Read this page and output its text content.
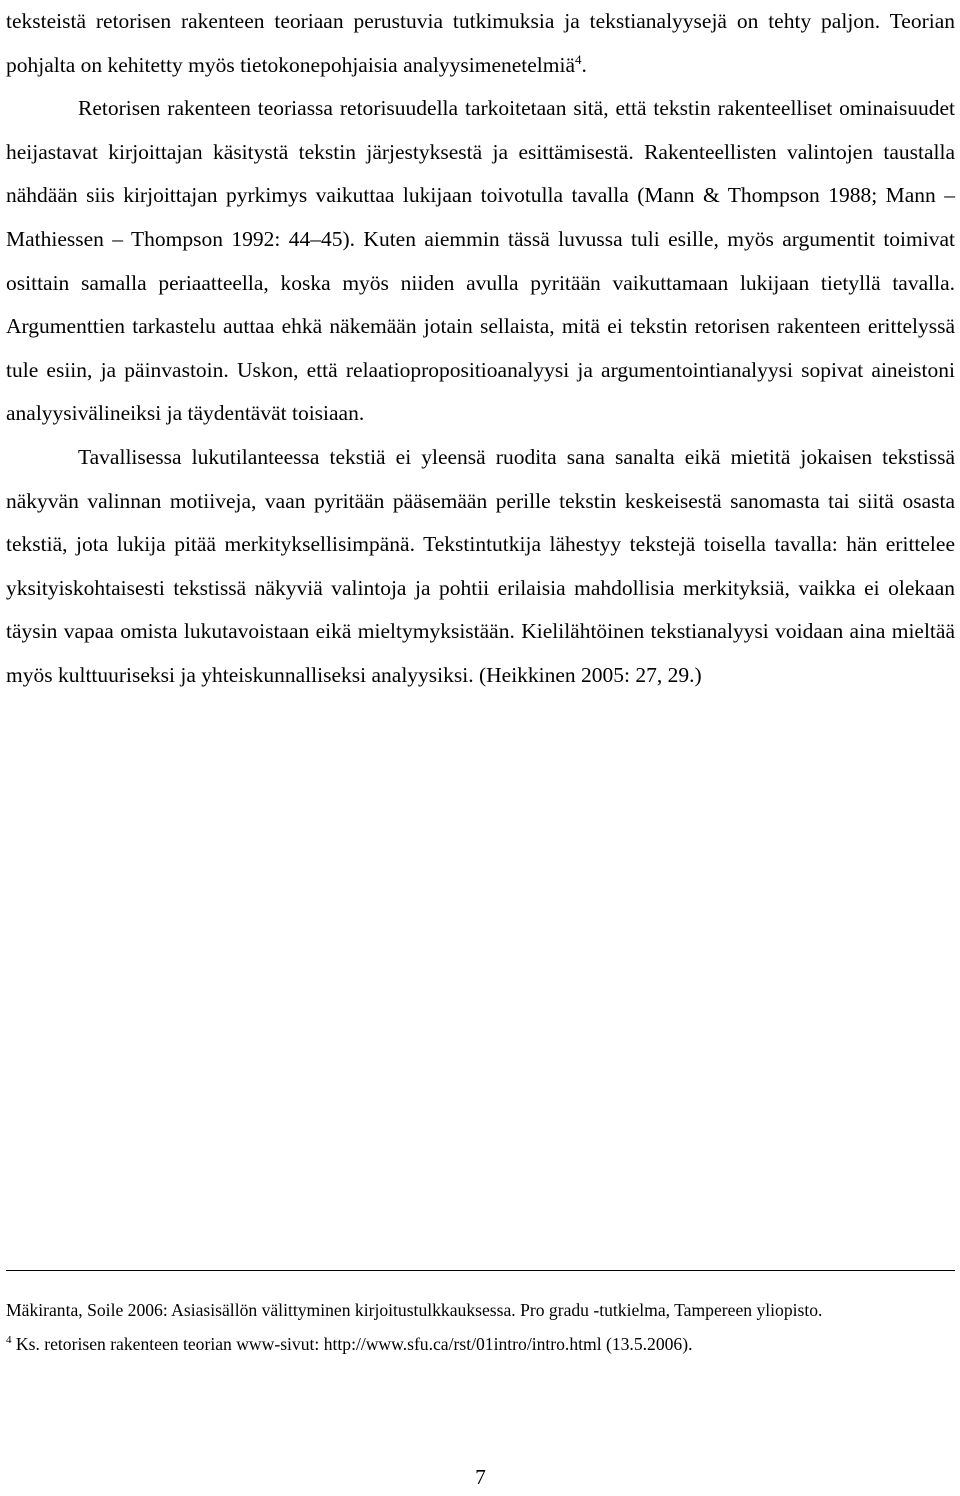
teksteistä retorisen rakenteen teoriaan perustuvia tutkimuksia ja tekstianalyysejä on tehty paljon. Teorian pohjalta on kehitetty myös tietokonepohjaisia analyysimenetelmiä$^4$.

Retorisen rakenteen teoriassa retorisuudella tarkoitetaan sitä, että tekstin rakenteelliset ominaisuudet heijastavat kirjoittajan käsitystä tekstin järjestyksestä ja esittämisestä. Rakenteellisten valintojen taustalla nähdään siis kirjoittajan pyrkimys vaikuttaa lukijaan toivotulla tavalla (Mann & Thompson 1988; Mann – Mathiessen – Thompson 1992: 44–45). Kuten aiemmin tässä luvussa tuli esille, myös argumentit toimivat osittain samalla periaatteella, koska myös niiden avulla pyritään vaikuttamaan lukijaan tietyllä tavalla. Argumenttien tarkastelu auttaa ehkä näkemään jotain sellaista, mitä ei tekstin retorisen rakenteen erittelyssä tule esiin, ja päinvastoin. Uskon, että relaatiopropositioanalyysi ja argumentointianalyysi sopivat aineistoni analyysivälineiksi ja täydentävät toisiaan.

Tavallisessa lukutilanteessa tekstiä ei yleensä ruodita sana sanalta eikä mietitä jokaisen tekstissä näkyvän valinnan motiiveja, vaan pyritään pääsemään perille tekstin keskeisestä sanomasta tai siitä osasta tekstiä, jota lukija pitää merkityksellisimpänä. Tekstintutkija lähestyy tekstejä toisella tavalla: hän erittelee yksityiskohtaisesti tekstissä näkyviä valintoja ja pohtii erilaisia mahdollisia merkityksiä, vaikka ei olekaan täysin vapaa omista lukutavoistaan eikä mieltymyksistään. Kielilähtöinen tekstianalyysi voidaan aina mieltää myös kulttuuriseksi ja yhteiskunnalliseksi analyysiksi. (Heikkinen 2005: 27, 29.)

Mäkiranta, Soile 2006: Asiasisällön välittyminen kirjoitustulkkauksessa. Pro gradu -tutkielma, Tampereen yliopisto.

$^4$ Ks. retorisen rakenteen teorian www-sivut: http://www.sfu.ca/rst/01intro/intro.html (13.5.2006).

7
